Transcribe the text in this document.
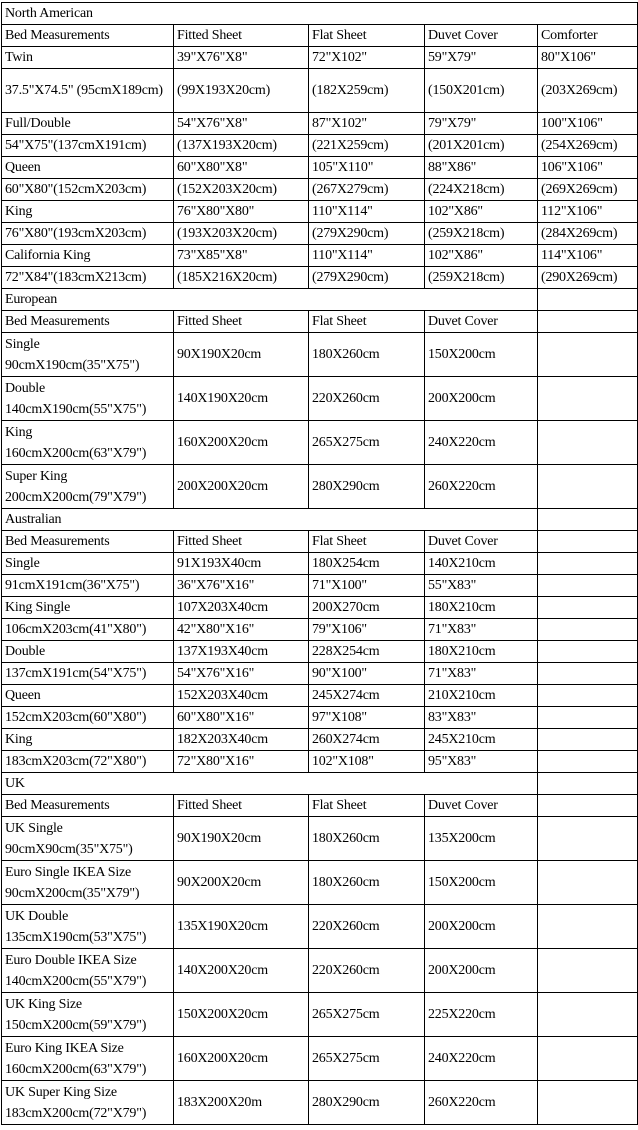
North American
Bed Measurements	Fitted Sheet	Flat Sheet	Duvet Cover	Comforter
Twin	39"X76"X8"	72"X102"	59"X79"	80"X106"
37.5"X74.5" (95cmX189cm)	(99X193X20cm)	(182X259cm)	(150X201cm)	(203X269cm)
Full/Double	54"X76"X8"	87"X102"	79"X79"	100"X106"
54"X75"(137cmX191cm)	(137X193X20cm)	(221X259cm)	(201X201cm)	(254X269cm)
Queen	60"X80"X8"	105"X110"	88"X86"	106"X106"
60"X80"(152cmX203cm)	(152X203X20cm)	(267X279cm)	(224X218cm)	(269X269cm)
King	76"X80"X80"	110"X114"	102"X86"	112"X106"
76"X80"(193cmX203cm)	(193X203X20cm)	(279X290cm)	(259X218cm)	(284X269cm)
California King	73"X85"X8"	110"X114"	102"X86"	114"X106"
72"X84"(183cmX213cm)	(185X216X20cm)	(279X290cm)	(259X218cm)	(290X269cm)
European
Bed Measurements	Fitted Sheet	Flat Sheet	Duvet Cover
Single
90cmX190cm(35"X75")
90X190X20cm	180X260cm	150X200cm
Double
140cmX190cm(55"X75")
140X190X20cm	220X260cm	200X200cm
King
160cmX200cm(63"X79")
160X200X20cm	265X275cm	240X220cm
Super King
200cmX200cm(79"X79")
200X200X20cm	280X290cm	260X220cm
Australian
Bed Measurements	Fitted Sheet	Flat Sheet	Duvet Cover
Single	91X193X40cm	180X254cm	140X210cm
91cmX191cm(36"X75")	36"X76"X16"	71"X100"	55"X83"
King Single	107X203X40cm	200X270cm	180X210cm
106cmX203cm(41"X80")	42"X80"X16"	79"X106"	71"X83"
Double	137X193X40cm	228X254cm	180X210cm
137cmX191cm(54"X75")	54"X76"X16"	90"X100"	71"X83"
Queen	152X203X40cm	245X274cm	210X210cm
152cmX203cm(60"X80")	60"X80"X16"	97"X108"	83"X83"
King	182X203X40cm	260X274cm	245X210cm
183cmX203cm(72"X80")	72"X80"X16"	102"X108"	95"X83"
UK
Bed Measurements	Fitted Sheet	Flat Sheet	Duvet Cover
UK Single
90cmX90cm(35"X75")
90X190X20cm	180X260cm	135X200cm
Euro Single IKEA Size
90cmX200cm(35"X79")
90X200X20cm	180X260cm	150X200cm
UK Double
135cmX190cm(53"X75")
135X190X20cm	220X260cm	200X200cm
Euro Double IKEA Size
140cmX200cm(55"X79")
140X200X20cm	220X260cm	200X200cm
UK King Size
150cmX200cm(59"X79")
150X200X20cm	265X275cm	225X220cm
Euro King IKEA Size
160cmX200cm(63"X79")
160X200X20cm	265X275cm	240X220cm
UK Super King Size
183cmX200cm(72"X79")
183X200X20m	280X290cm	260X220cm
